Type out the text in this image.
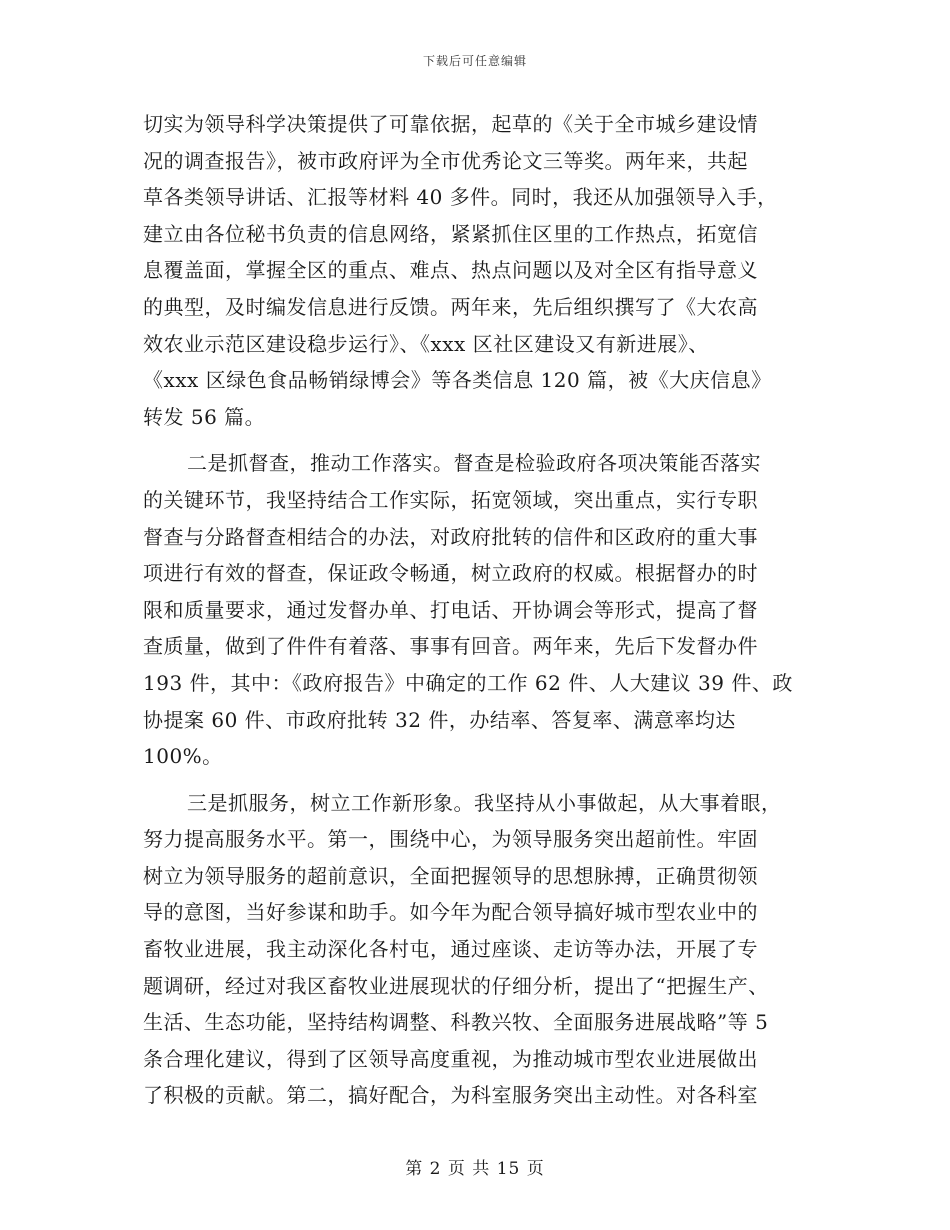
下载后可任意编辑
切实为领导科学决策提供了可靠依据，起草的《关于全市城乡建设情
况的调查报告》，被市政府评为全市优秀论文三等奖。两年来，共起
草各类领导讲话、汇报等材料 40 多件。同时，我还从加强领导入手，
建立由各位秘书负责的信息网络，紧紧抓住区里的工作热点，拓宽信
息覆盖面，掌握全区的重点、难点、热点问题以及对全区有指导意义
的典型，及时编发信息进行反馈。两年来，先后组织撰写了《大农高
效农业示范区建设稳步运行》、《xxx 区社区建设又有新进展》、
《xxx 区绿色食品畅销绿博会》等各类信息 120 篇，被《大庆信息》
转发 56 篇。
二是抓督查，推动工作落实。督查是检验政府各项决策能否落实
的关键环节，我坚持结合工作实际，拓宽领域，突出重点，实行专职
督查与分路督查相结合的办法，对政府批转的信件和区政府的重大事
项进行有效的督查，保证政令畅通，树立政府的权威。根据督办的时
限和质量要求，通过发督办单、打电话、开协调会等形式，提高了督
查质量，做到了件件有着落、事事有回音。两年来，先后下发督办件
193 件，其中：《政府报告》中确定的工作 62 件、人大建议 39 件、政
协提案 60 件、市政府批转 32 件，办结率、答复率、满意率均达
100%。
三是抓服务，树立工作新形象。我坚持从小事做起，从大事着眼，
努力提高服务水平。第一，围绕中心，为领导服务突出超前性。牢固
树立为领导服务的超前意识，全面把握领导的思想脉搏，正确贯彻领
导的意图，当好参谋和助手。如今年为配合领导搞好城市型农业中的
畜牧业进展，我主动深化各村屯，通过座谈、走访等办法，开展了专
题调研，经过对我区畜牧业进展现状的仔细分析，提出了“把握生产、
生活、生态功能，坚持结构调整、科教兴牧、全面服务进展战略”等 5
条合理化建议，得到了区领导高度重视，为推动城市型农业进展做出
了积极的贡献。第二，搞好配合，为科室服务突出主动性。对各科室
第 2 页 共 15 页
